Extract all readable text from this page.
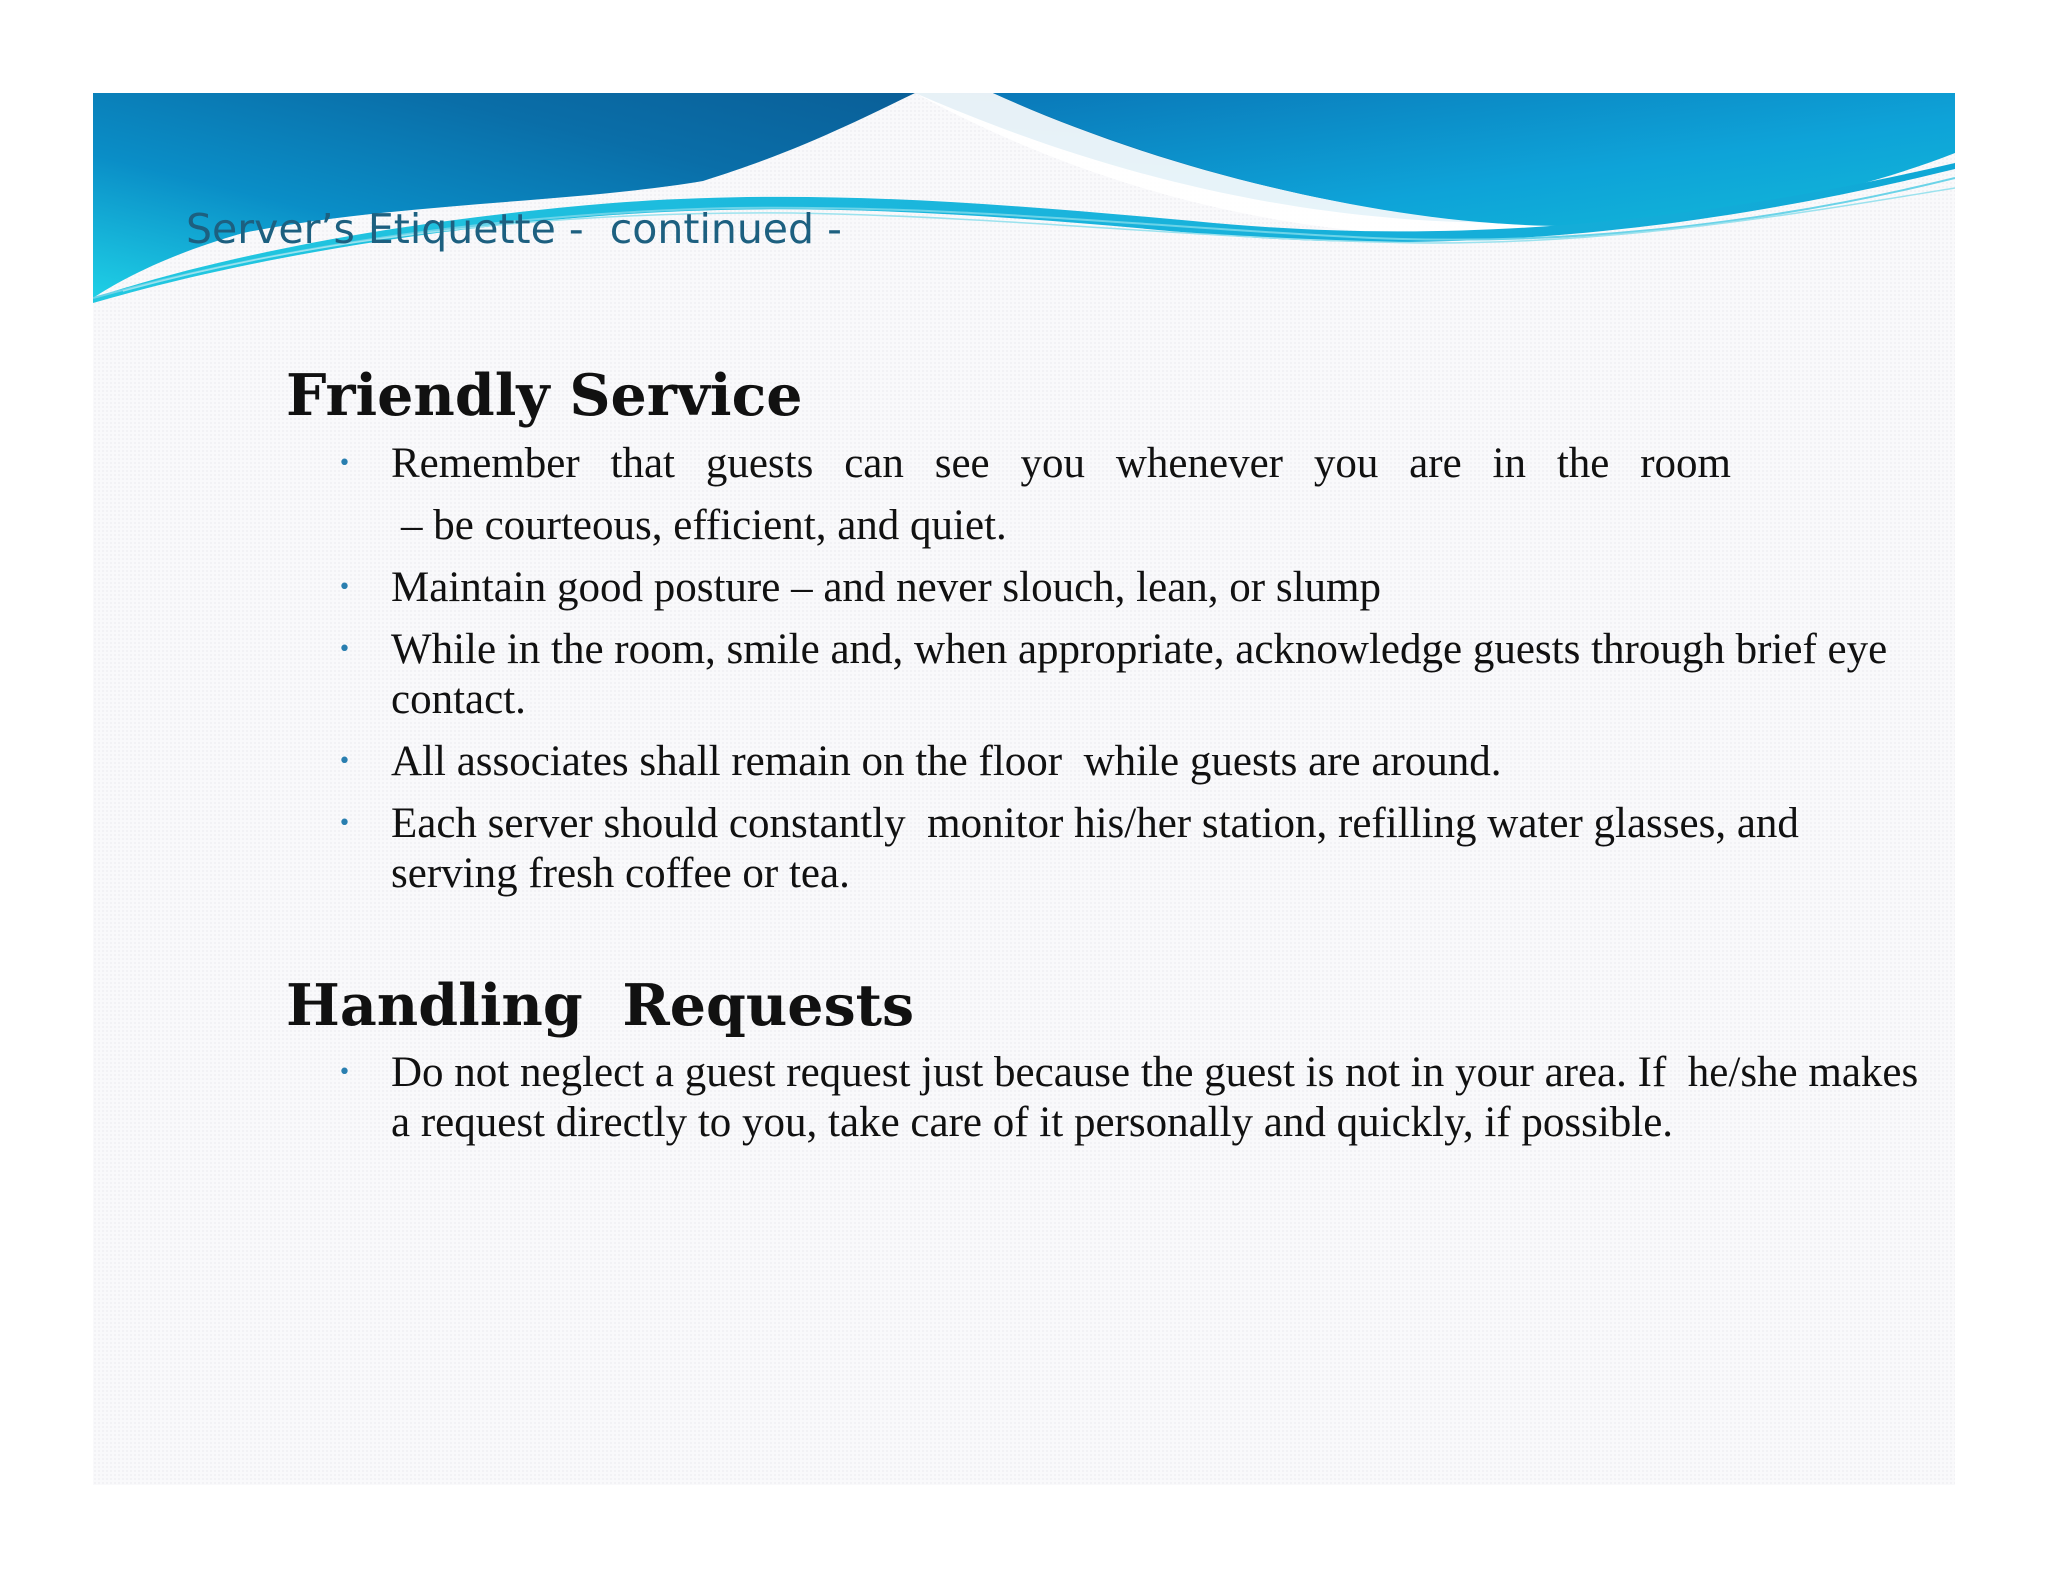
Server’s Etiquette -  continued -
Friendly Service
• Remember that guests can see you whenever you are in the room
– be courteous, efficient, and quiet.
• Maintain good posture – and never slouch, lean, or slump
• While in the room, smile and, when appropriate, acknowledge guests through brief eye contact.
• All associates shall remain on the floor  while guests are around.
• Each server should constantly  monitor his/her station, refilling water glasses, and serving fresh coffee or tea.
Handling  Requests
• Do not neglect a guest request just because the guest is not in your area. If  he/she makes a request directly to you, take care of it personally and quickly, if possible.
